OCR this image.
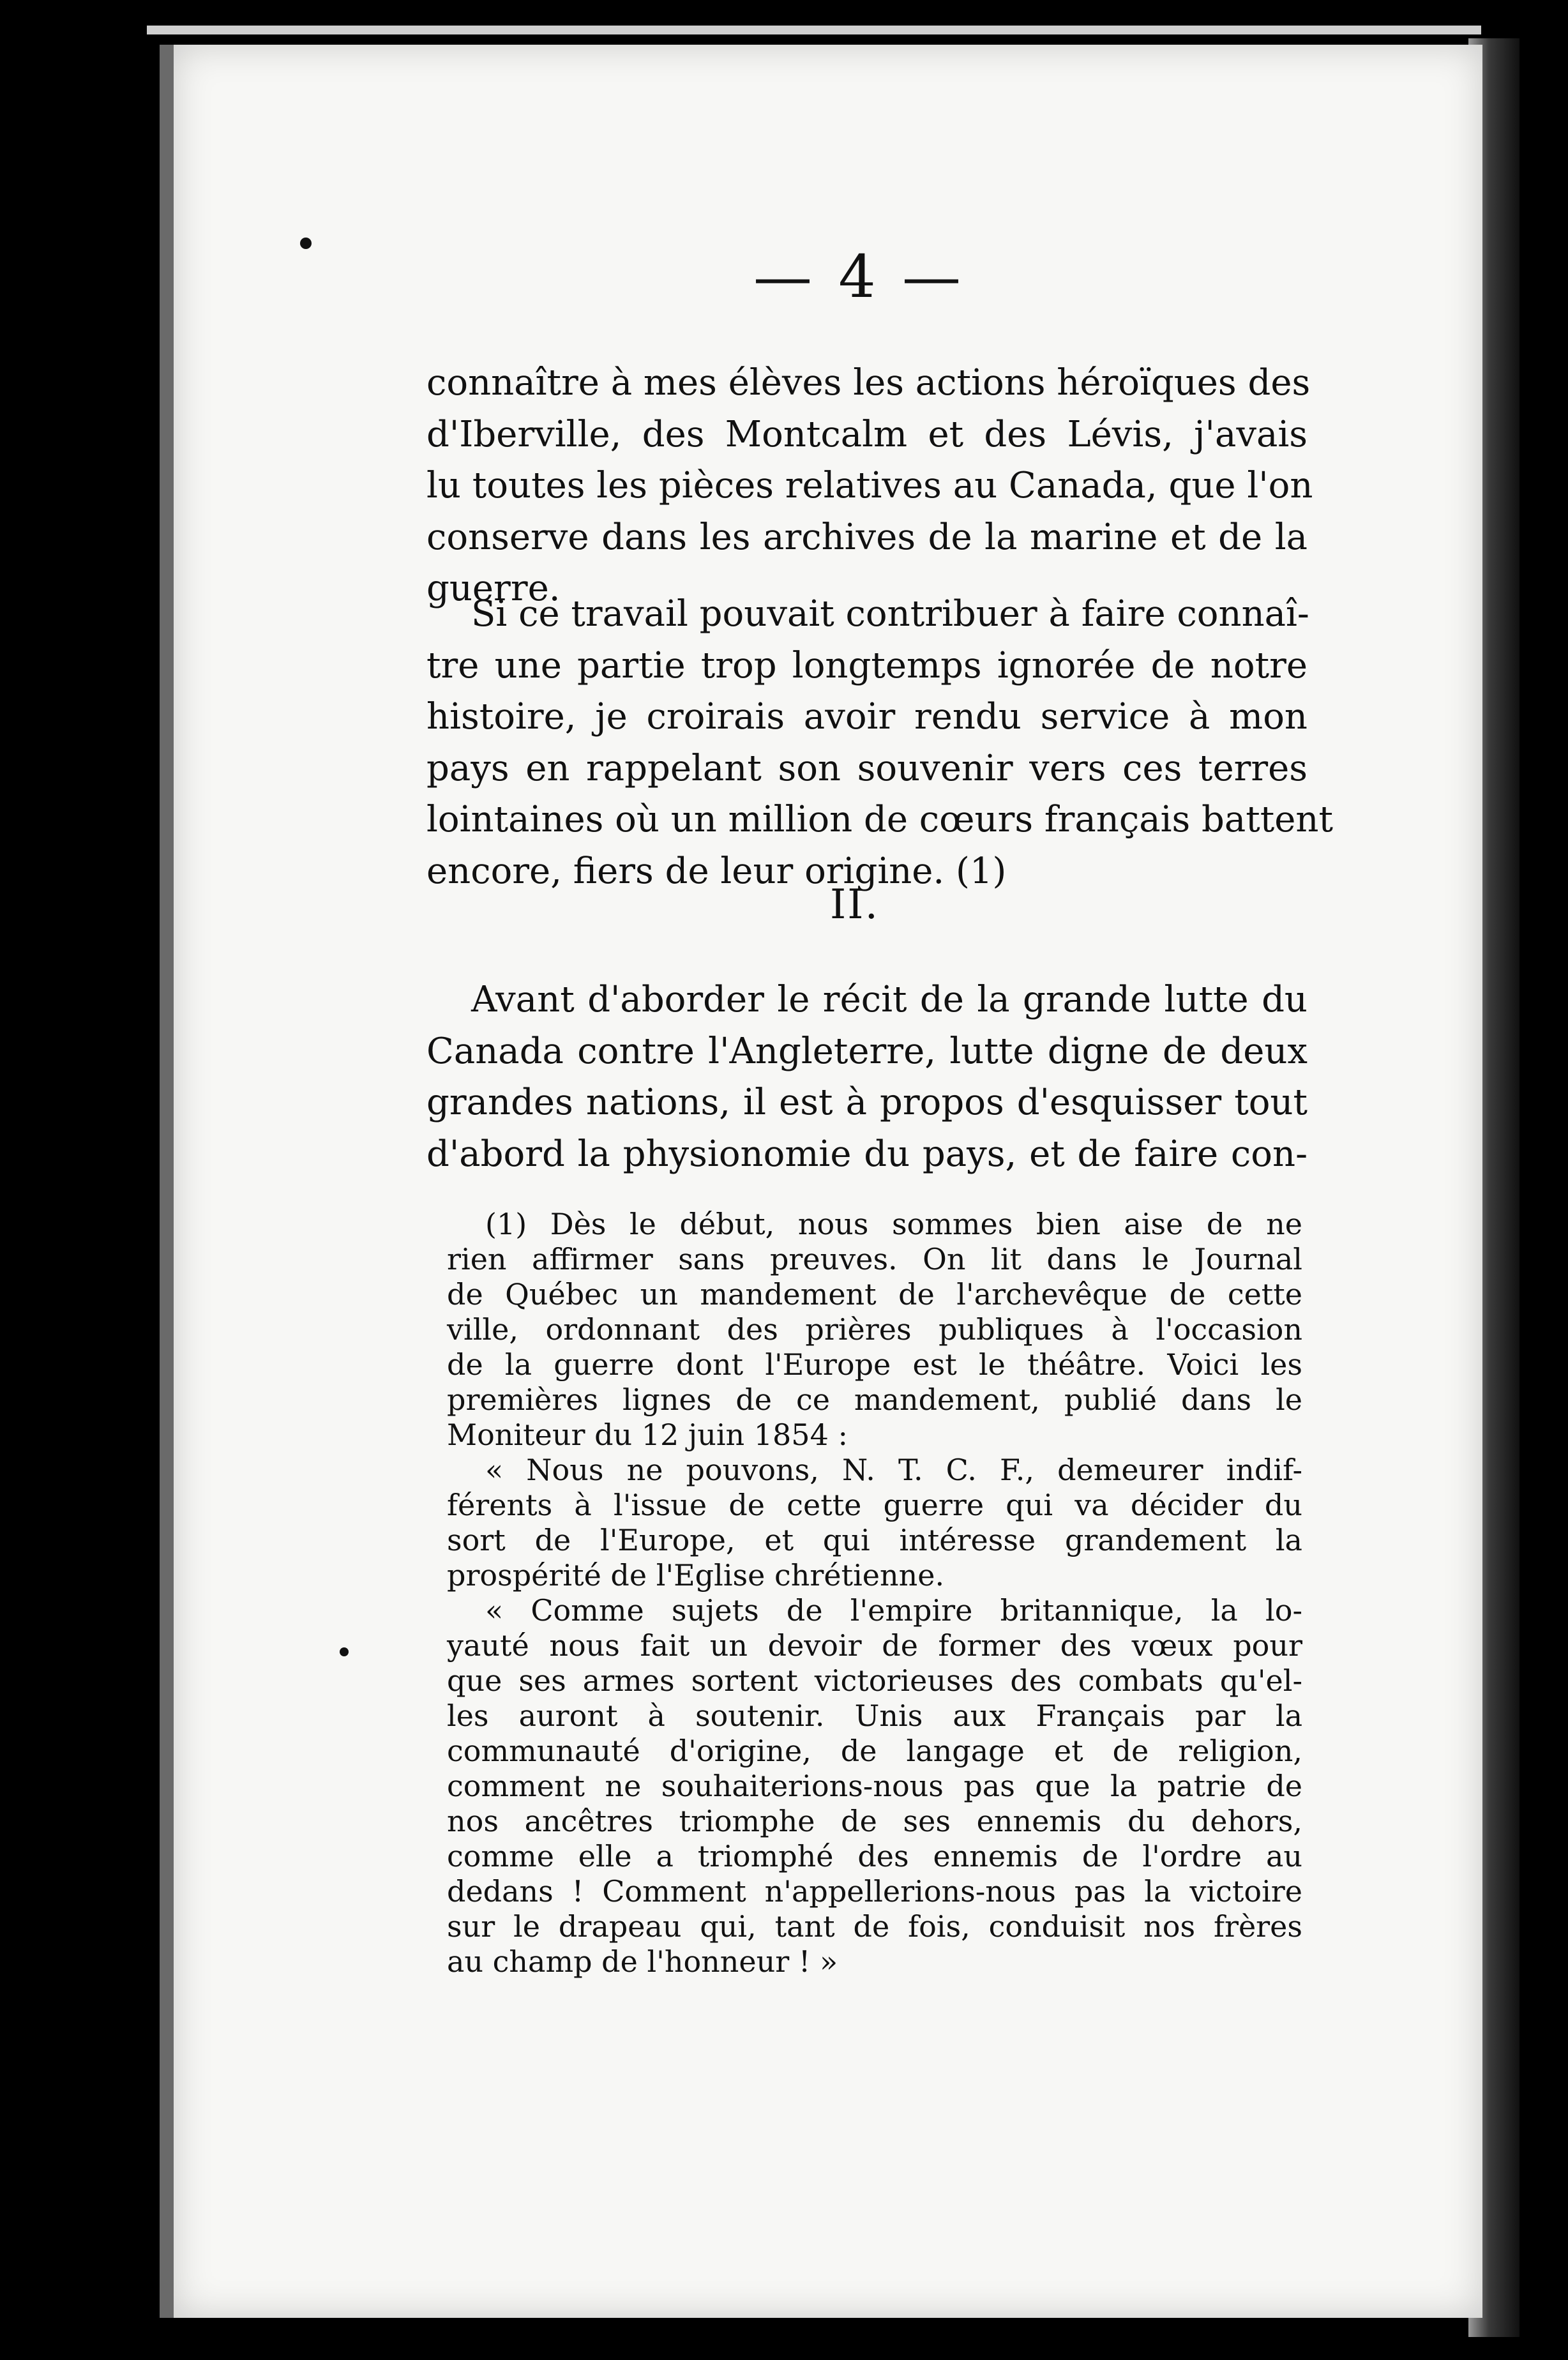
— 4 —
connaître à mes élèves les actions héroïques des
d'Iberville, des Montcalm et des Lévis, j'avais
lu toutes les pièces relatives au Canada, que l'on
conserve dans les archives de la marine et de la
guerre.
Si ce travail pouvait contribuer à faire connaî-
tre une partie trop longtemps ignorée de notre
histoire, je croirais avoir rendu service à mon
pays en rappelant son souvenir vers ces terres
lointaines où un million de cœurs français battent
encore, fiers de leur origine. (1)
II.
Avant d'aborder le récit de la grande lutte du
Canada contre l'Angleterre, lutte digne de deux
grandes nations, il est à propos d'esquisser tout
d'abord la physionomie du pays, et de faire con-
(1) Dès le début, nous sommes bien aise de ne
rien affirmer sans preuves. On lit dans le Journal
de Québec un mandement de l'archevêque de cette
ville, ordonnant des prières publiques à l'occasion
de la guerre dont l'Europe est le théâtre. Voici les
premières lignes de ce mandement, publié dans le
Moniteur du 12 juin 1854 :
« Nous ne pouvons, N. T. C. F., demeurer indif-
férents à l'issue de cette guerre qui va décider du
sort de l'Europe, et qui intéresse grandement la
prospérité de l'Eglise chrétienne.
« Comme sujets de l'empire britannique, la lo-
yauté nous fait un devoir de former des vœux pour
que ses armes sortent victorieuses des combats qu'el-
les auront à soutenir. Unis aux Français par la
communauté d'origine, de langage et de religion,
comment ne souhaiterions-nous pas que la patrie de
nos ancêtres triomphe de ses ennemis du dehors,
comme elle a triomphé des ennemis de l'ordre au
dedans ! Comment n'appellerions-nous pas la victoire
sur le drapeau qui, tant de fois, conduisit nos frères
au champ de l'honneur ! »
